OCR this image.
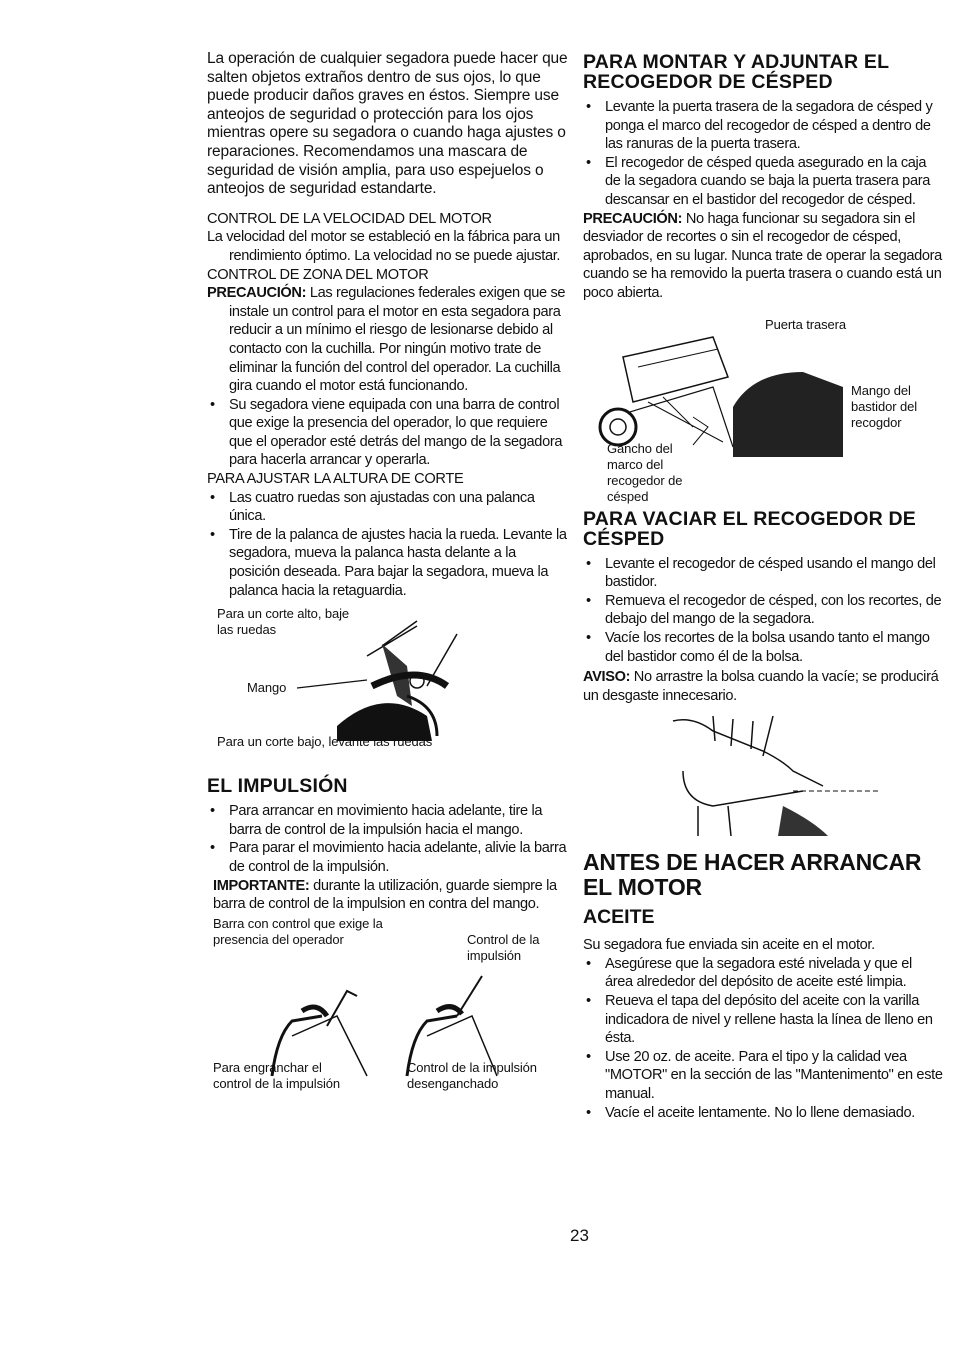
La operación de cualquier segadora puede hacer que salten objetos extraños dentro de sus ojos, lo que puede producir daños graves en éstos. Siempre use anteojos de seguridad o protección para los ojos mientras opere su segadora o cuando haga ajustes o reparaciones. Recomendamos una mascara de seguridad de visión amplia, para uso espejuelos o anteojos de seguridad estandarte.

CONTROL DE LA VELOCIDAD DEL MOTOR

La velocidad del motor se estableció en la fábrica para un rendimiento óptimo. La velocidad no se puede ajustar.

CONTROL DE ZONA DEL MOTOR

PRECAUCIÓN: Las regulaciones federales exigen que se instale un control para el motor en esta segadora para reducir a un mínimo el riesgo de lesionarse debido al contacto con la cuchilla. Por ningún motivo trate de eliminar la función del control del operador. La cuchilla gira cuando el motor está funcionando.

• Su segadora viene equipada con una barra de control que exige la presencia del operador, lo que requiere que el operador esté detrás del mango de la segadora para hacerla arrancar y operarla.

PARA AJUSTAR LA ALTURA DE CORTE

• Las cuatro ruedas son ajustadas con una palanca única.
• Tire de la palanca de ajustes hacia la rueda. Levante la segadora, mueva la palanca hasta delante a la posición deseada. Para bajar la segadora, mueva la palanca hacia la retaguardia.
Para un corte alto, baje las ruedas
Mango
Para un corte bajo, levante las ruedas
EL IMPULSIÓN
• Para arrancar en movimiento hacia adelante, tire la barra de control de la impulsión hacia el mango.
• Para parar el movimiento hacia adelante, alivie la barra de control de la impulsión.

IMPORTANTE: durante la utilización, guarde siempre la barra de control de la impulsion en contra del mango.

Barra con control que exige la presencia del operador	Control de la impulsión
Para engranchar el control de la impulsión
Control de la impulsión desenganchado
PARA MONTAR Y ADJUNTAR EL RECOGEDOR DE CÉSPED
• Levante la puerta trasera de la segadora de césped y ponga el marco del recogedor de césped a dentro de las ranuras de la puerta trasera.
• El recogedor de césped queda asegurado en la caja de la segadora cuando se baja la puerta trasera para descansar en el bastidor del recogedor de césped.

PRECAUCIÓN: No haga funcionar su segadora sin el desviador de recortes o sin el recogedor de césped, aprobados, en su lugar. Nunca trate de operar la segadora cuando se ha removido la puerta trasera o cuando está un poco abierta.

Puerta trasera
Mango del bastidor del recogdor
Gancho del marco del recogedor de césped
PARA VACIAR EL RECOGEDOR DE CÉSPED
• Levante el recogedor de césped usando el mango del bastidor.
• Remueva el recogedor de césped, con los recortes, de debajo del mango de la segadora.
• Vacíe los recortes de la bolsa usando tanto el mango del bastidor como él de la bolsa.

AVISO: No arrastre la bolsa cuando la vacíe; se producirá un desgaste innecesario.

ANTES DE HACER ARRANCAR EL MOTOR
ACEITE

Su segadora fue enviada sin aceite en el motor.

• Asegúrese que la segadora esté nivelada y que el área alrededor del depósito de aceite esté limpia.
• Reueva el tapa del depósito del aceite con la varilla indicadora de nivel y rellene hasta la línea de lleno en ésta.
• Use 20 oz. de aceite. Para el tipo y la calidad vea "MOTOR" en la sección de las "Mantenimento" en este manual.
• Vacíe el aceite lentamente. No lo llene demasiado.
23
